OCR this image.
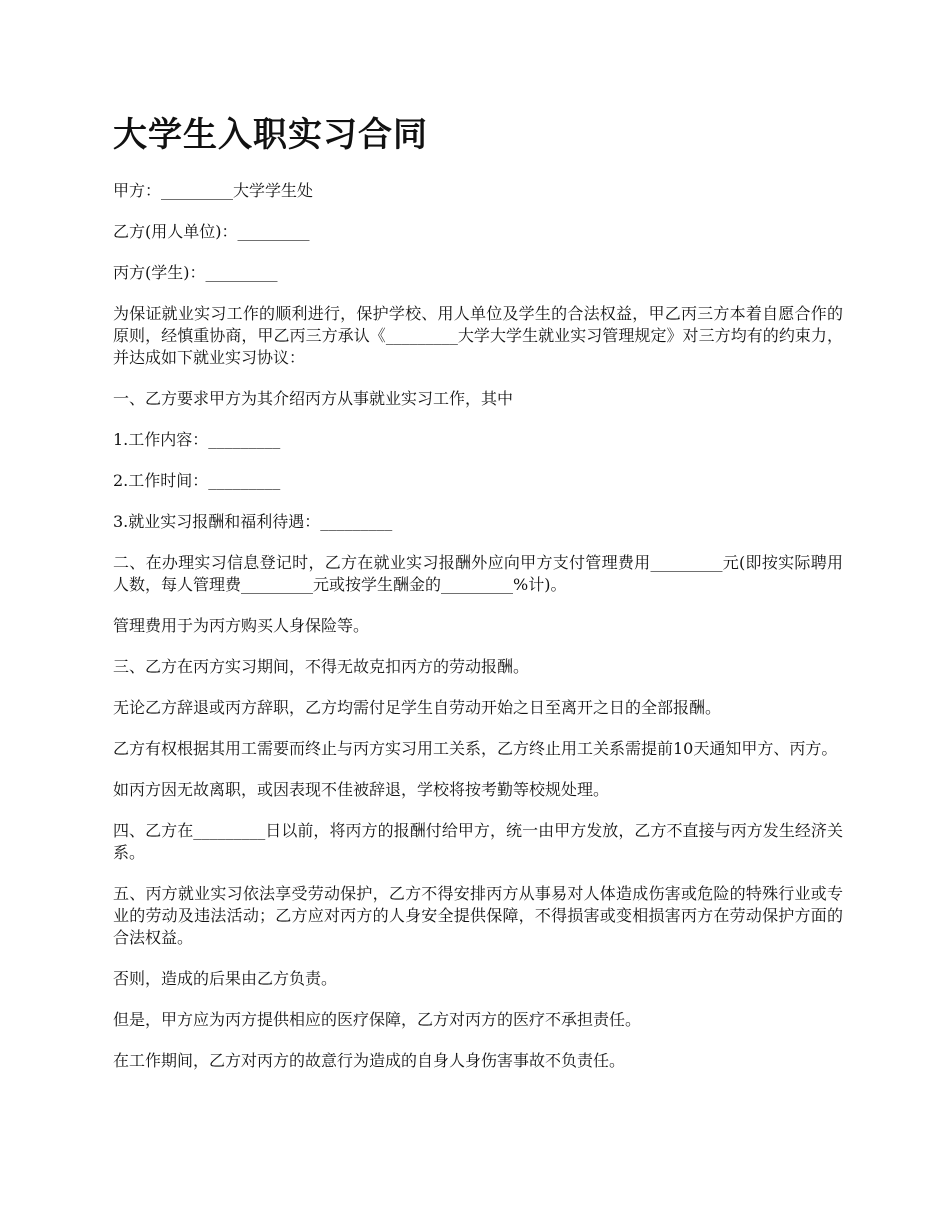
大学生入职实习合同

甲方：_________大学学生处

乙方(用人单位)：_________

丙方(学生)：_________

为保证就业实习工作的顺利进行，保护学校、用人单位及学生的合法权益，甲乙丙三方本着自愿合作的原则，经慎重协商，甲乙丙三方承认《_________大学大学生就业实习管理规定》对三方均有的约束力，并达成如下就业实习协议：

一、乙方要求甲方为其介绍丙方从事就业实习工作，其中

1.工作内容：_________

2.工作时间：_________

3.就业实习报酬和福利待遇：_________

二、在办理实习信息登记时，乙方在就业实习报酬外应向甲方支付管理费用_________元(即按实际聘用人数，每人管理费_________元或按学生酬金的_________%计)。

管理费用于为丙方购买人身保险等。

三、乙方在丙方实习期间，不得无故克扣丙方的劳动报酬。

无论乙方辞退或丙方辞职，乙方均需付足学生自劳动开始之日至离开之日的全部报酬。

乙方有权根据其用工需要而终止与丙方实习用工关系，乙方终止用工关系需提前10天通知甲方、丙方。

如丙方因无故离职，或因表现不佳被辞退，学校将按考勤等校规处理。

四、乙方在_________日以前，将丙方的报酬付给甲方，统一由甲方发放，乙方不直接与丙方发生经济关系。

五、丙方就业实习依法享受劳动保护，乙方不得安排丙方从事易对人体造成伤害或危险的特殊行业或专业的劳动及违法活动；乙方应对丙方的人身安全提供保障，不得损害或变相损害丙方在劳动保护方面的合法权益。

否则，造成的后果由乙方负责。

但是，甲方应为丙方提供相应的医疗保障，乙方对丙方的医疗不承担责任。

在工作期间，乙方对丙方的故意行为造成的自身人身伤害事故不负责任。
